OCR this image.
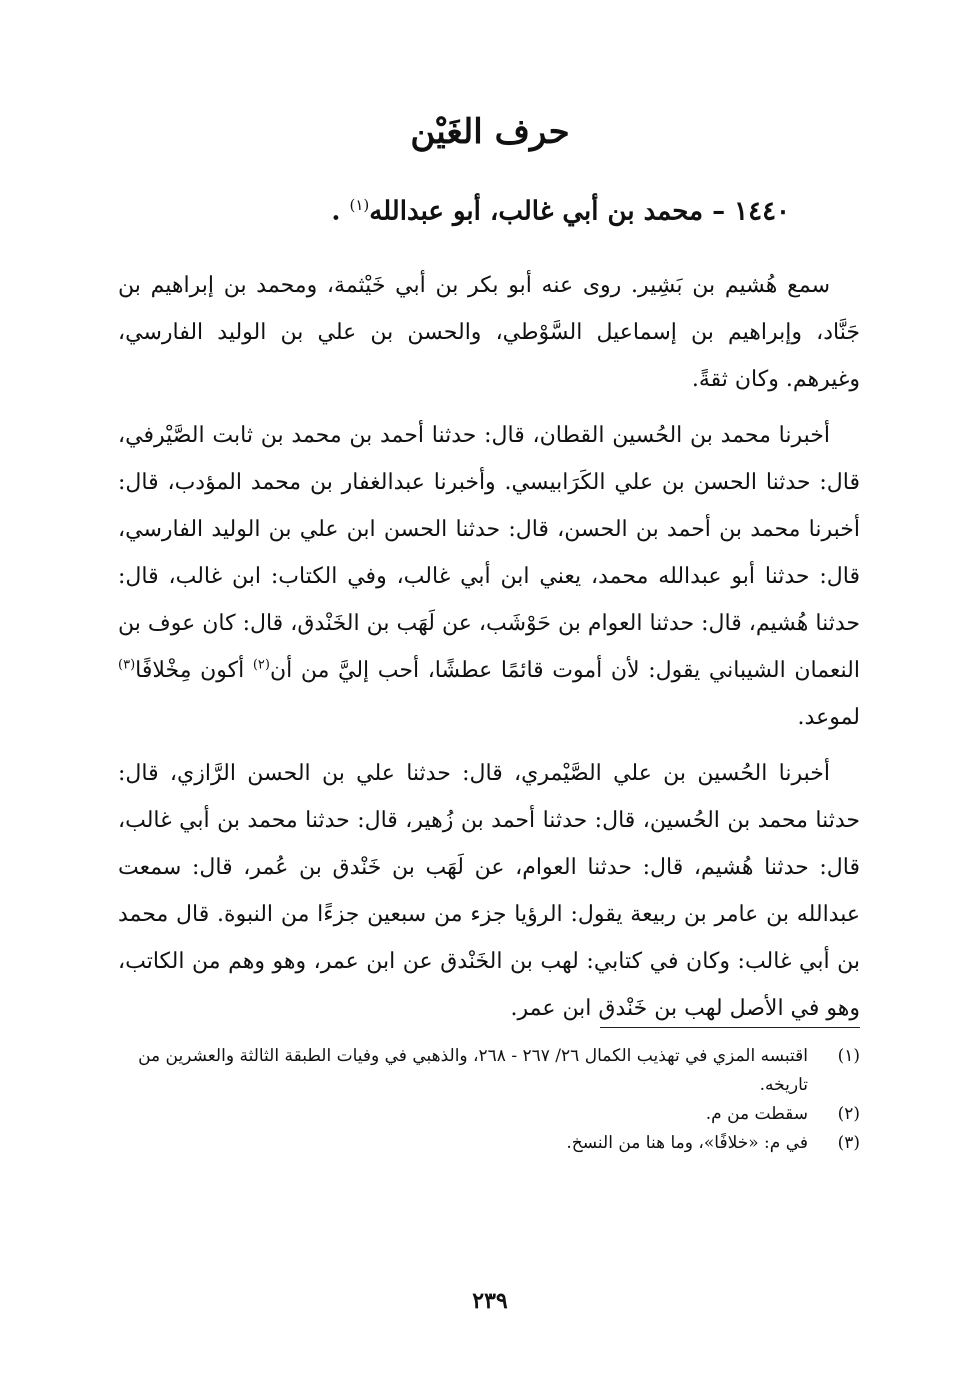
حرف الغَيْن
١٤٤٠ – محمد بن أبي غالب، أبو عبدالله$^{(١)}$ .

سمع هُشيم بن بَشِير. روى عنه أبو بكر بن أبي خَيْثمة، ومحمد بن إبراهيم بن جَنَّاد، وإبراهيم بن إسماعيل السَّوْطي، والحسن بن علي بن الوليد الفارسي، وغيرهم. وكان ثقةً.

أخبرنا محمد بن الحُسين القطان، قال: حدثنا أحمد بن محمد بن ثابت الصَّيْرفي، قال: حدثنا الحسن بن علي الكَرَابيسي. وأخبرنا عبدالغفار بن محمد المؤدب، قال: أخبرنا محمد بن أحمد بن الحسن، قال: حدثنا الحسن ابن علي بن الوليد الفارسي، قال: حدثنا أبو عبدالله محمد، يعني ابن أبي غالب، وفي الكتاب: ابن غالب، قال: حدثنا هُشيم، قال: حدثنا العوام بن حَوْشَب، عن لَهَب بن الخَنْدق، قال: كان عوف بن النعمان الشيباني يقول: لأن أموت قائمًا عطشًا، أحب إليَّ من أن$^{(٢)}$ أكون مِخْلافًا$^{(٣)}$ لموعد.

أخبرنا الحُسين بن علي الصَّيْمري، قال: حدثنا علي بن الحسن الرَّازي، قال: حدثنا محمد بن الحُسين، قال: حدثنا أحمد بن زُهير، قال: حدثنا محمد بن أبي غالب، قال: حدثنا هُشيم، قال: حدثنا العوام، عن لَهَب بن خَنْدق بن عُمر، قال: سمعت عبدالله بن عامر بن ربيعة يقول: الرؤيا جزء من سبعين جزءًا من النبوة. قال محمد بن أبي غالب: وكان في كتابي: لهب بن الخَنْدق عن ابن عمر، وهو وهم من الكاتب، وهو في الأصل لهب بن خَنْدق ابن عمر.

(١)
اقتبسه المزي في تهذيب الكمال ٢٦/ ٢٦٧ - ٢٦٨، والذهبي في وفيات الطبقة الثالثة والعشرين من تاريخه.
(٢)
سقطت من م.
(٣)
في م: «خلافًا»، وما هنا من النسخ.
٢٣٩
